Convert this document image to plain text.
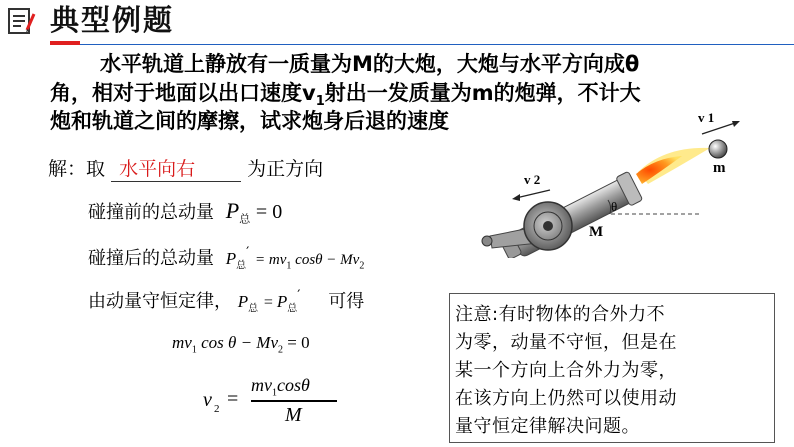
典型例题
水平轨道上静放有一质量为M的大炮，大炮与水平方向成θ
角，相对于地面以出口速度$v_1$射出一发质量为m的炮弹，不计大
炮和轨道之间的摩擦，试求炮身后退的速度
解：取 水平向右	为正方向
碰撞前的总动量 $P_总 = 0$
碰撞后的总动量 $P_总' = mv_1$ $\cos\theta - Mv_2$
由动量守恒定律， $P_总 = P_总'$ 可得
$mv_1$ $\cos \theta - Mv_2 = 0$
v 2 =
$mv_1\cos\theta$
M
v 1
v 2
θ
m
M
注意:有时物体的合外力不
为零，动量不守恒，但是在
某一个方向上合外力为零，
在该方向上仍然可以使用动
量守恒定律解决问题。
